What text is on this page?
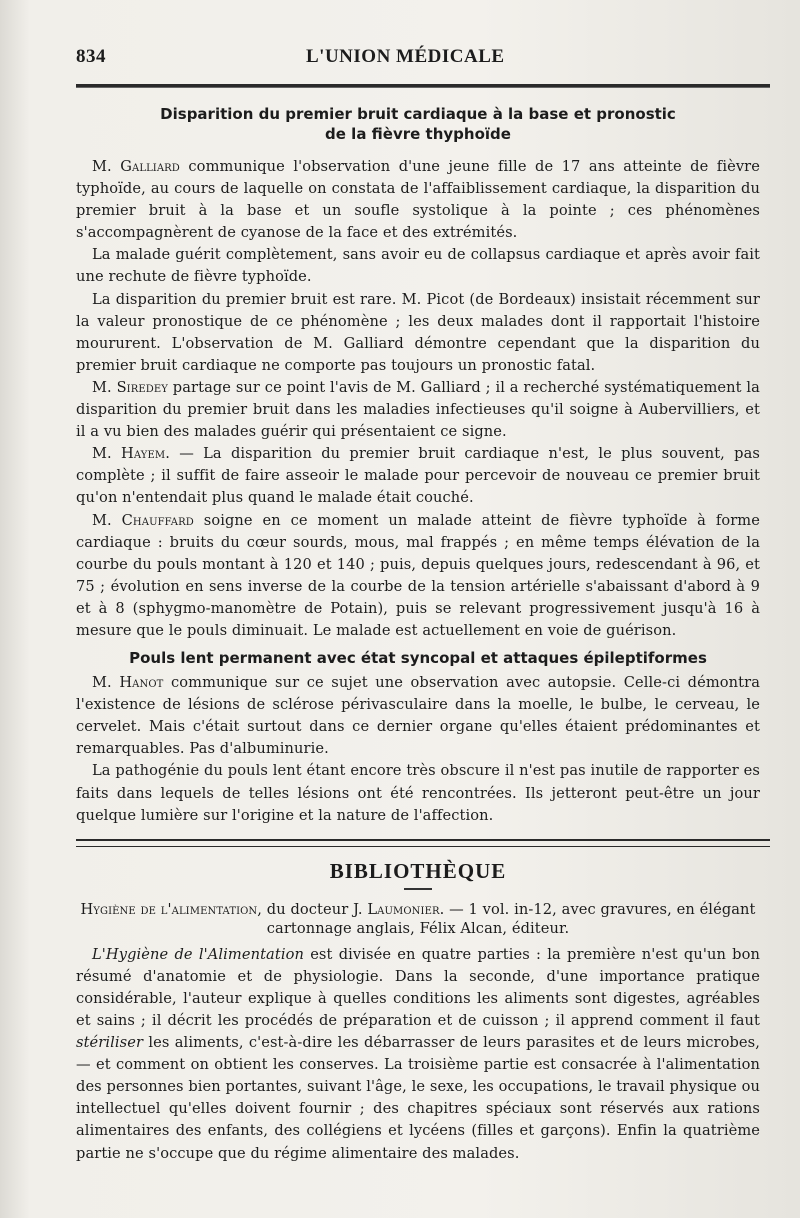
834	L'UNION MÉDICALE
Disparition du premier bruit cardiaque à la base et pronostic
de la fièvre thyphoïde

M. Galliard communique l'observation d'une jeune fille de 17 ans atteinte de fièvre typhoïde, au cours de laquelle on constata de l'affaiblissement cardiaque, la disparition du premier bruit à la base et un soufle systolique à la pointe ; ces phénomènes s'accompagnèrent de cyanose de la face et des extrémités.

La malade guérit complètement, sans avoir eu de collapsus cardiaque et après avoir fait une rechute de fièvre typhoïde.

La disparition du premier bruit est rare. M. Picot (de Bordeaux) insistait récemment sur la valeur pronostique de ce phénomène ; les deux malades dont il rapportait l'histoire moururent. L'observation de M. Galliard démontre cependant que la disparition du premier bruit cardiaque ne comporte pas toujours un pronostic fatal.

M. Siredey partage sur ce point l'avis de M. Galliard ; il a recherché systématiquement la disparition du premier bruit dans les maladies infectieuses qu'il soigne à Aubervilliers, et il a vu bien des malades guérir qui présentaient ce signe.

M. Hayem. — La disparition du premier bruit cardiaque n'est, le plus souvent, pas complète ; il suffit de faire asseoir le malade pour percevoir de nouveau ce premier bruit qu'on n'entendait plus quand le malade était couché.

M. Chauffard soigne en ce moment un malade atteint de fièvre typhoïde à forme cardiaque : bruits du cœur sourds, mous, mal frappés ; en même temps élévation de la courbe du pouls montant à 120 et 140 ; puis, depuis quelques jours, redescendant à 96, et 75 ; évolution en sens inverse de la courbe de la tension artérielle s'abaissant d'abord à 9 et à 8 (sphygmo-manomètre de Potain), puis se relevant progressivement jusqu'à 16 à mesure que le pouls diminuait. Le malade est actuellement en voie de guérison.

Pouls lent permanent avec état syncopal et attaques épileptiformes

M. Hanot communique sur ce sujet une observation avec autopsie. Celle-ci démontra l'existence de lésions de sclérose périvasculaire dans la moelle, le bulbe, le cerveau, le cervelet. Mais c'était surtout dans ce dernier organe qu'elles étaient prédominantes et remarquables. Pas d'albuminurie.

La pathogénie du pouls lent étant encore très obscure il n'est pas inutile de rapporter es faits dans lequels de telles lésions ont été rencontrées. Ils jetteront peut-être un jour quelque lumière sur l'origine et la nature de l'affection.

BIBLIOTHÈQUE

Hygiène de l'alimentation, du docteur J. Laumonier. — 1 vol. in-12, avec gravures, en élégant cartonnage anglais, Félix Alcan, éditeur.

L'Hygiène de l'Alimentation est divisée en quatre parties : la première n'est qu'un bon résumé d'anatomie et de physiologie. Dans la seconde, d'une importance pratique considérable, l'auteur explique à quelles conditions les aliments sont digestes, agréables et sains ; il décrit les procédés de préparation et de cuisson ; il apprend comment il faut stériliser les aliments, c'est-à-dire les débarrasser de leurs parasites et de leurs microbes, — et comment on obtient les conserves. La troisième partie est consacrée à l'alimentation des personnes bien portantes, suivant l'âge, le sexe, les occupations, le travail physique ou intellectuel qu'elles doivent fournir ; des chapitres spéciaux sont réservés aux rations alimentaires des enfants, des collégiens et lycéens (filles et garçons). Enfin la quatrième partie ne s'occupe que du régime alimentaire des malades.
